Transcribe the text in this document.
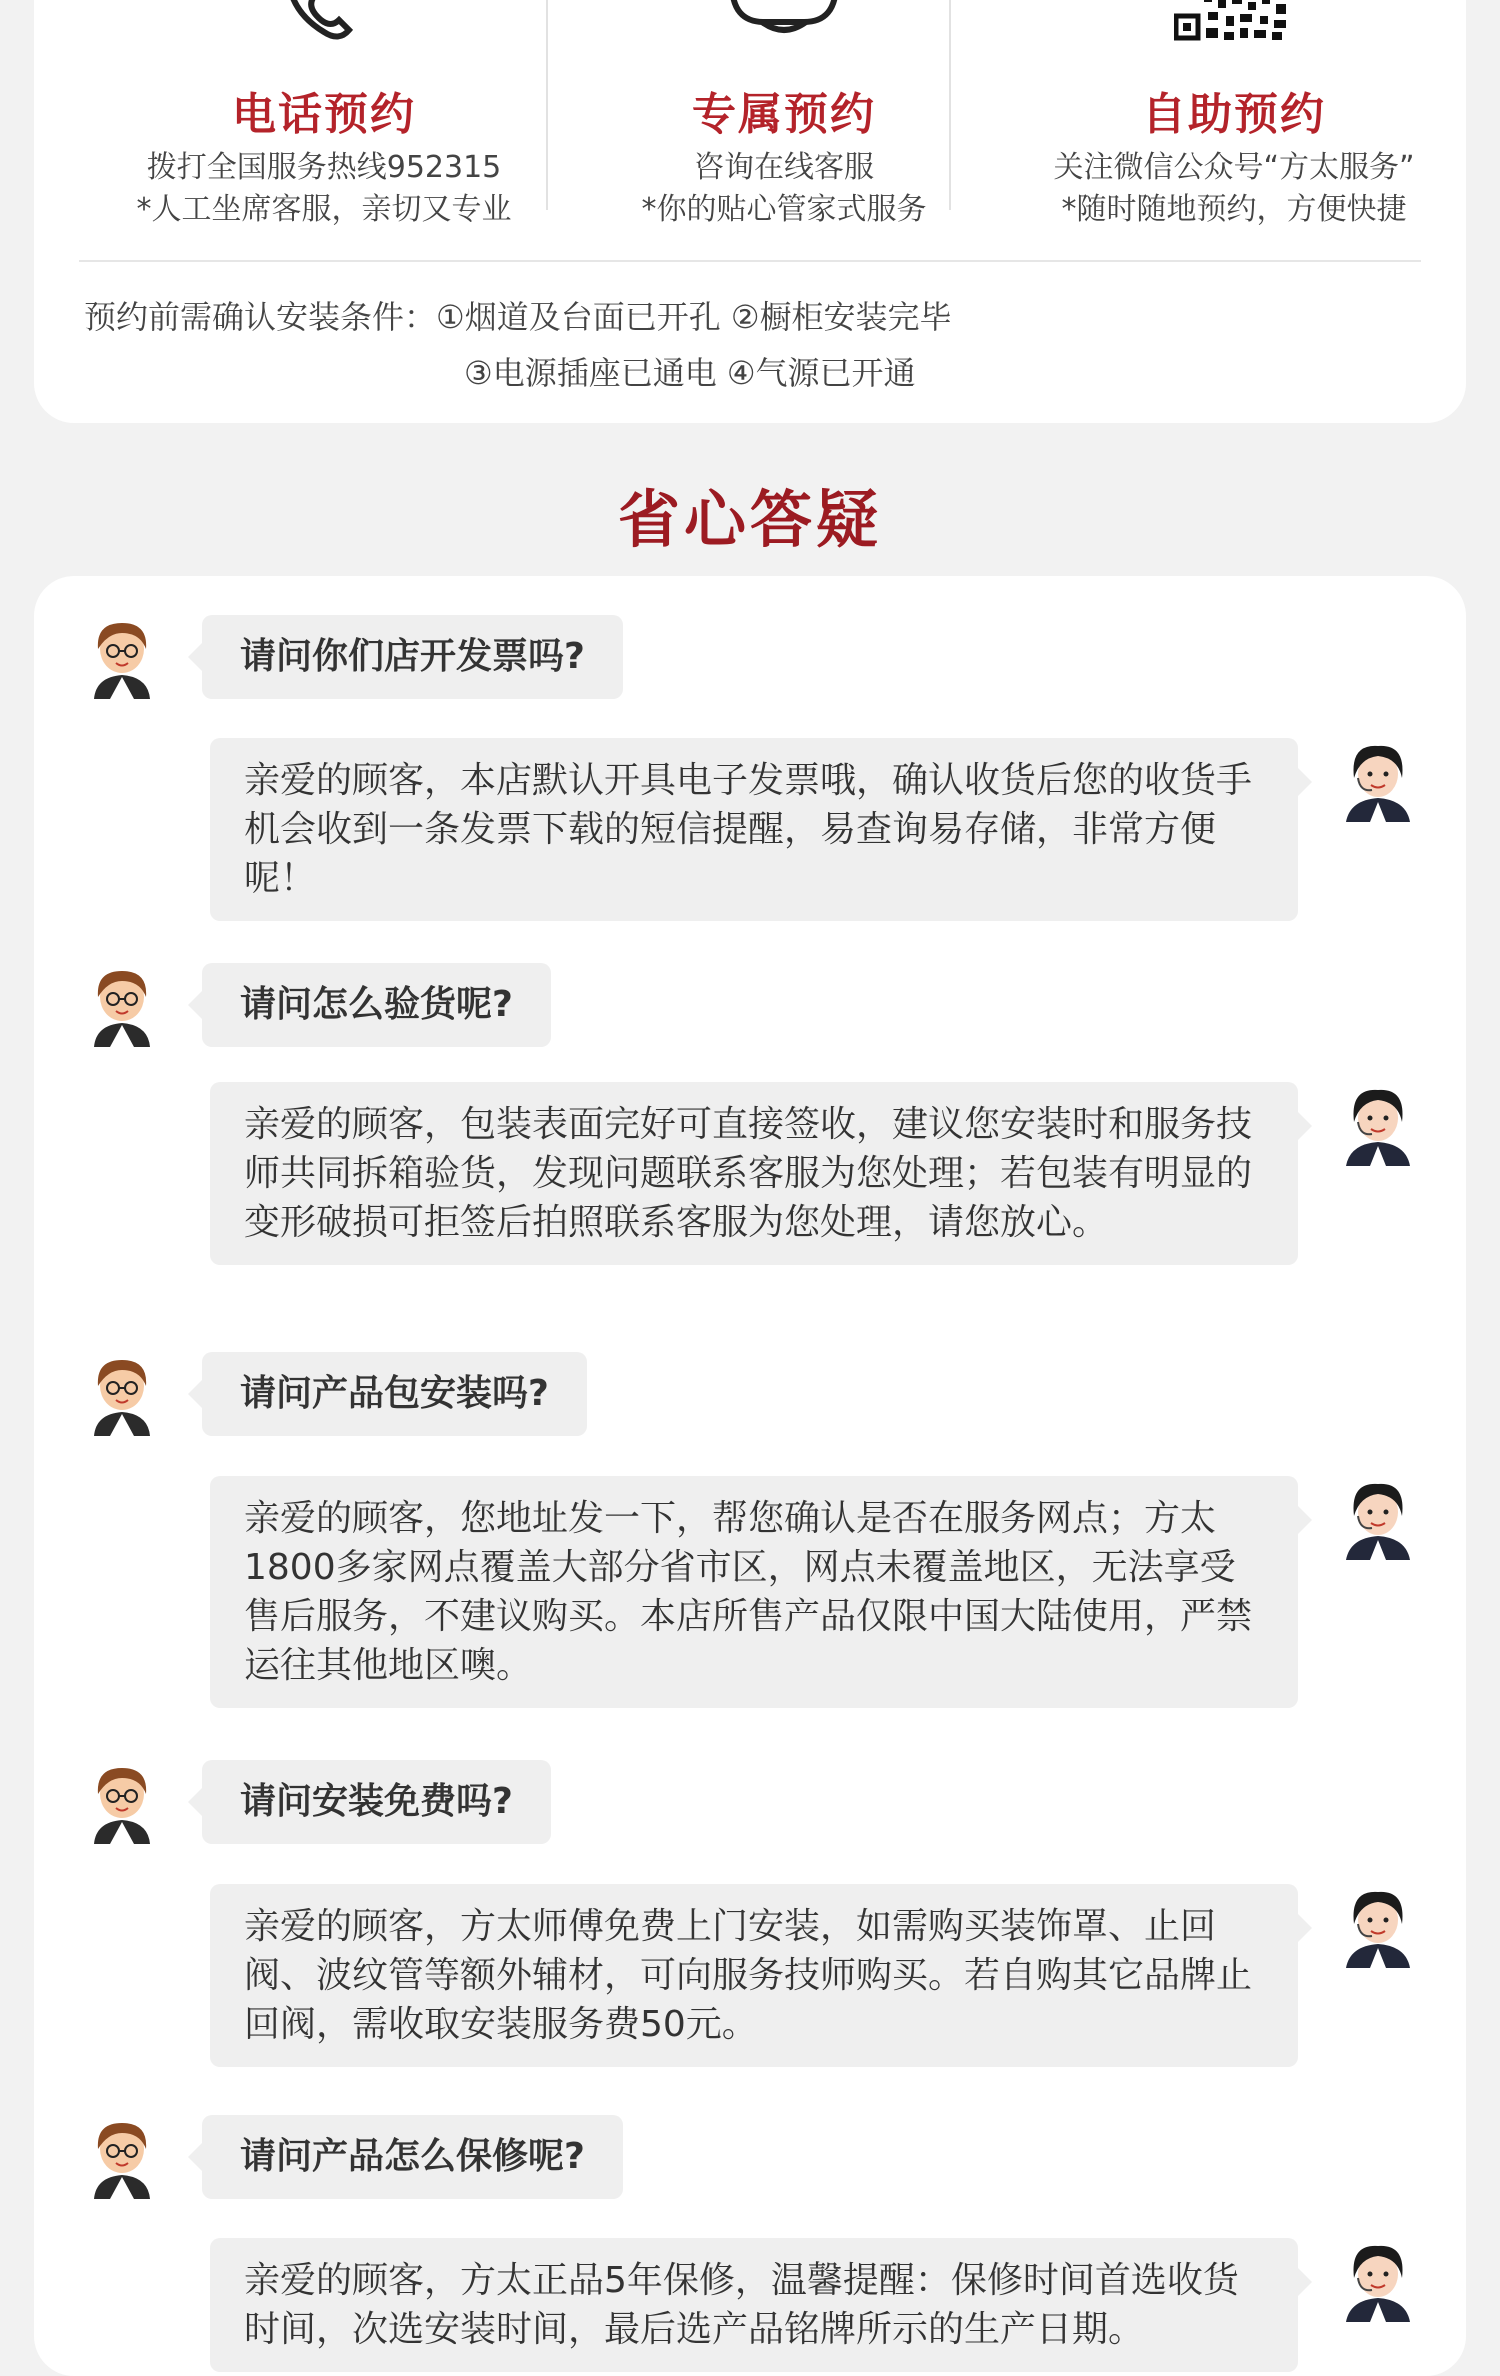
电话预约
拨打全国服务热线952315
*人工坐席客服，亲切又专业
专属预约
咨询在线客服
*你的贴心管家式服务
自助预约
关注微信公众号“方太服务”
*随时随地预约，方便快捷
预约前需确认安装条件：①烟道及台面已开孔 ②橱柜安装完毕
③电源插座已通电 ④气源已开通
省心答疑
请问你们店开发票吗?
亲爱的顾客，本店默认开具电子发票哦，确认收货后您的收货手机会收到一条发票下载的短信提醒，易查询易存储，非常方便呢！
请问怎么验货呢?
亲爱的顾客，包装表面完好可直接签收，建议您安装时和服务技师共同拆箱验货，发现问题联系客服为您处理；若包装有明显的变形破损可拒签后拍照联系客服为您处理，请您放心。
请问产品包安装吗?
亲爱的顾客，您地址发一下，帮您确认是否在服务网点；方太1800多家网点覆盖大部分省市区，网点未覆盖地区，无法享受售后服务，不建议购买。本店所售产品仅限中国大陆使用，严禁运往其他地区噢。
请问安装免费吗?
亲爱的顾客，方太师傅免费上门安装，如需购买装饰罩、止回阀、波纹管等额外辅材，可向服务技师购买。若自购其它品牌止回阀，需收取安装服务费50元。
请问产品怎么保修呢?
亲爱的顾客，方太正品5年保修，温馨提醒：保修时间首选收货时间，次选安装时间，最后选产品铭牌所示的生产日期。
